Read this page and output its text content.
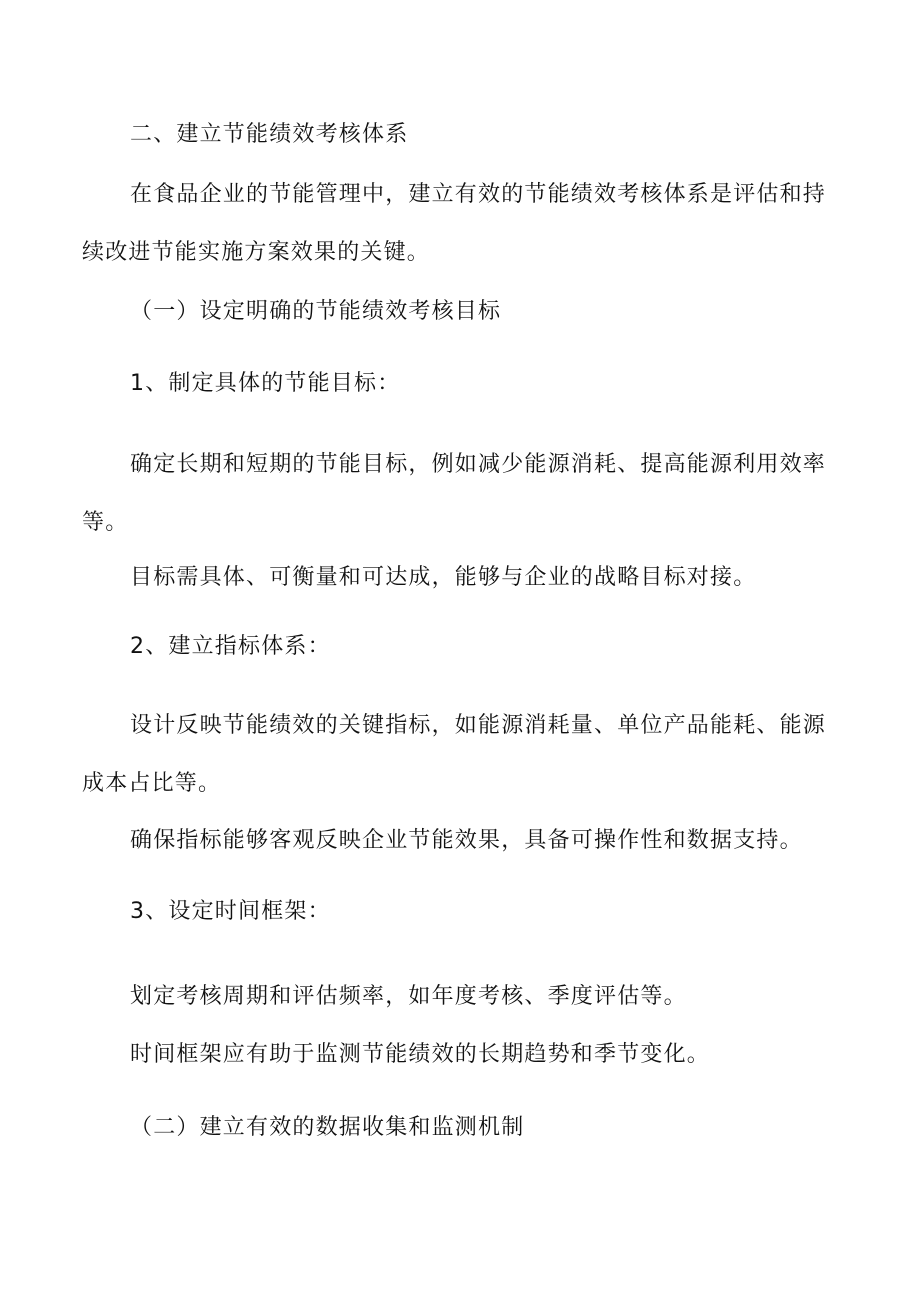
二、建立节能绩效考核体系

在食品企业的节能管理中，建立有效的节能绩效考核体系是评估和持续改进节能实施方案效果的关键。

（一）设定明确的节能绩效考核目标
1、制定具体的节能目标：

确定长期和短期的节能目标，例如减少能源消耗、提高能源利用效率等。

目标需具体、可衡量和可达成，能够与企业的战略目标对接。
2、建立指标体系：

设计反映节能绩效的关键指标，如能源消耗量、单位产品能耗、能源成本占比等。

确保指标能够客观反映企业节能效果，具备可操作性和数据支持。
3、设定时间框架：
划定考核周期和评估频率，如年度考核、季度评估等。
时间框架应有助于监测节能绩效的长期趋势和季节变化。
（二）建立有效的数据收集和监测机制
